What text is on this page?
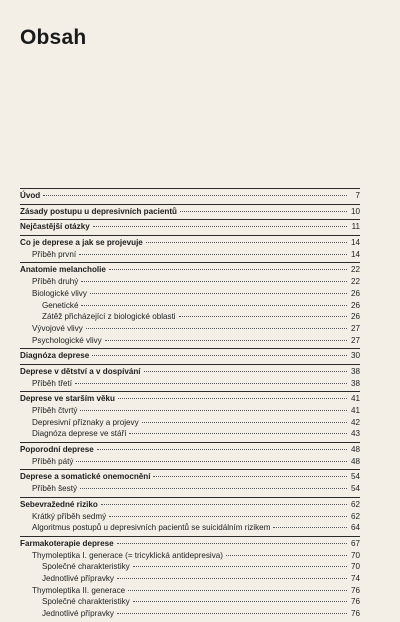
Obsah
Úvod	7
Zásady postupu u depresivních pacientů	10
Nejčastější otázky	11
Co je deprese a jak se projevuje	14
Příběh první	14
Anatomie melancholie	22
Příběh druhý	22
Biologické vlivy	26
Genetické	26
Zátěž přicházející z biologické oblasti	26
Vývojové vlivy	27
Psychologické vlivy	27
Diagnóza deprese	30
Deprese v dětství a v dospívání	38
Příběh třetí	38
Deprese ve starším věku	41
Příběh čtvrtý	41
Depresivní příznaky a projevy	42
Diagnóza deprese ve stáří	43
Poporodní deprese	48
Příběh pátý	48
Deprese a somatické onemocnění	54
Příběh šestý	54
Sebevražedné riziko	62
Krátký příběh sedmý	62
Algoritmus postupů u depresivních pacientů se suicidálním rizikem	64
Farmakoterapie deprese	67
Thymoleptika I. generace (= tricyklická antidepresiva)	70
Společné charakteristiky	70
Jednotlivé přípravky	74
Thymoleptika II. generace	76
Společné charakteristiky	76
Jednotlivé přípravky	76
